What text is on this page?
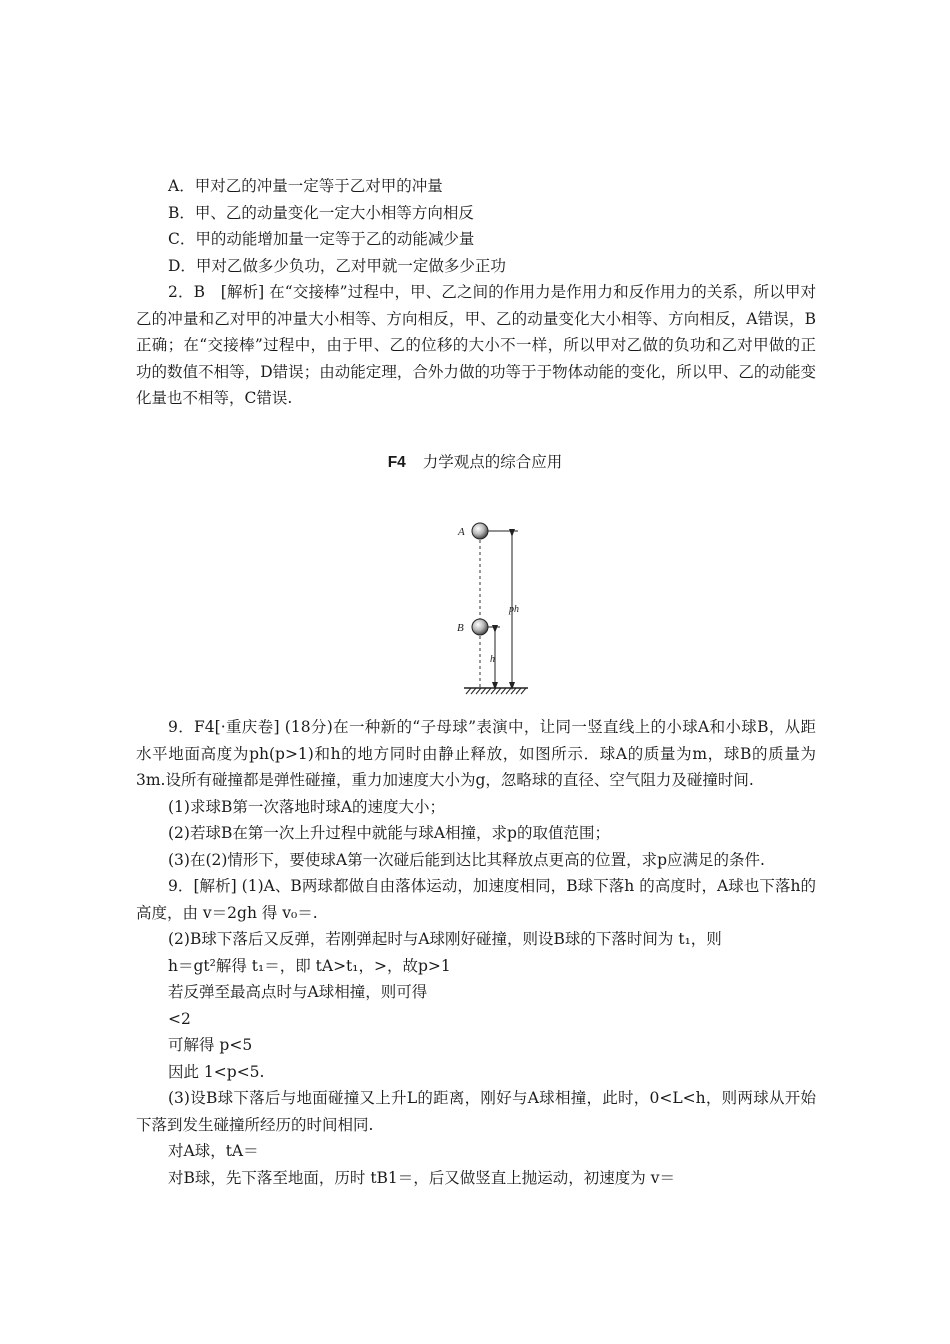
A．甲对乙的冲量一定等于乙对甲的冲量
B．甲、乙的动量变化一定大小相等方向相反
C．甲的动能增加量一定等于乙的动能减少量
D．甲对乙做多少负功，乙对甲就一定做多少正功
2．B　[解析] 在“交接棒”过程中，甲、乙之间的作用力是作用力和反作用力的关系，所以甲对乙的冲量和乙对甲的冲量大小相等、方向相反，甲、乙的动量变化大小相等、方向相反，A错误，B正确；在“交接棒”过程中，由于甲、乙的位移的大小不一样，所以甲对乙做的负功和乙对甲做的正功的数值不相等，D错误；由动能定理，合外力做的功等于于物体动能的变化，所以甲、乙的动能变化量也不相等，C错误.
F4 力学观点的综合应用
A
B
ph
h
9．F4[·重庆卷] (18分)在一种新的“子母球”表演中，让同一竖直线上的小球A和小球B，从距水平地面高度为ph(p>1)和h的地方同时由静止释放，如图所示．球A的质量为m，球B的质量为3m.设所有碰撞都是弹性碰撞，重力加速度大小为g，忽略球的直径、空气阻力及碰撞时间.
(1)求球B第一次落地时球A的速度大小；
(2)若球B在第一次上升过程中就能与球A相撞，求p的取值范围；
(3)在(2)情形下，要使球A第一次碰后能到达比其释放点更高的位置，求p应满足的条件.
9．[解析] (1)A、B两球都做自由落体运动，加速度相同，B球下落h 的高度时，A球也下落h的高度，由 v＝2gh 得 v₀＝.
(2)B球下落后又反弹，若刚弹起时与A球刚好碰撞，则设B球的下落时间为 t₁，则
h＝gt²解得 t₁＝，即 tA>t₁，>，故p>1
若反弹至最高点时与A球相撞，则可得
<2
可解得 p<5
因此 1<p<5.
(3)设B球下落后与地面碰撞又上升L的距离，刚好与A球相撞，此时，0<L<h，则两球从开始下落到发生碰撞所经历的时间相同.
对A球，tA＝
对B球，先下落至地面，历时 tB1＝，后又做竖直上抛运动，初速度为 v＝
